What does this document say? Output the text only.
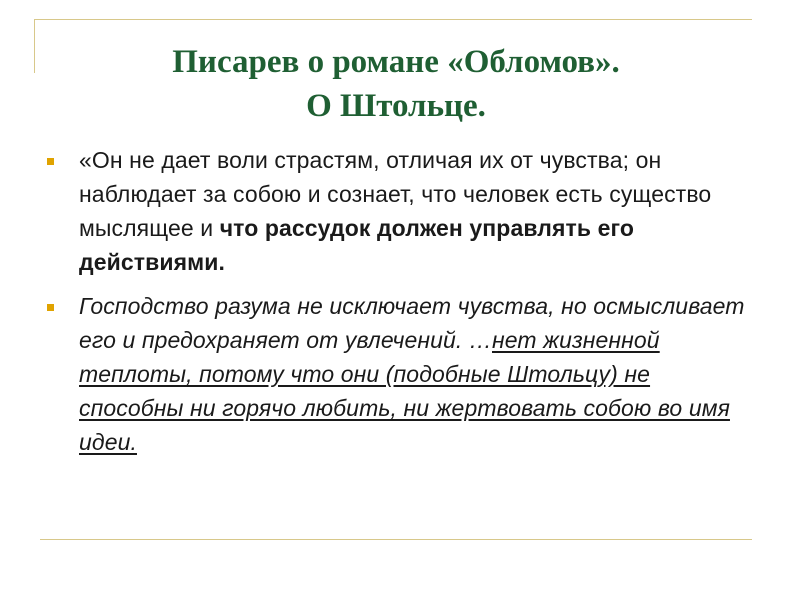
Писарев о романе «Обломов».
О Штольце.
«Он не дает воли страстям, отличая их от чувства; он наблюдает за собою и сознает, что человек есть существо мыслящее и что рассудок должен управлять его действиями.
Господство разума не исключает чувства, но осмысливает его и предохраняет от увлечений. …нет жизненной теплоты, потому что они (подобные Штольцу) не способны ни горячо любить, ни жертвовать собою во имя идеи.
